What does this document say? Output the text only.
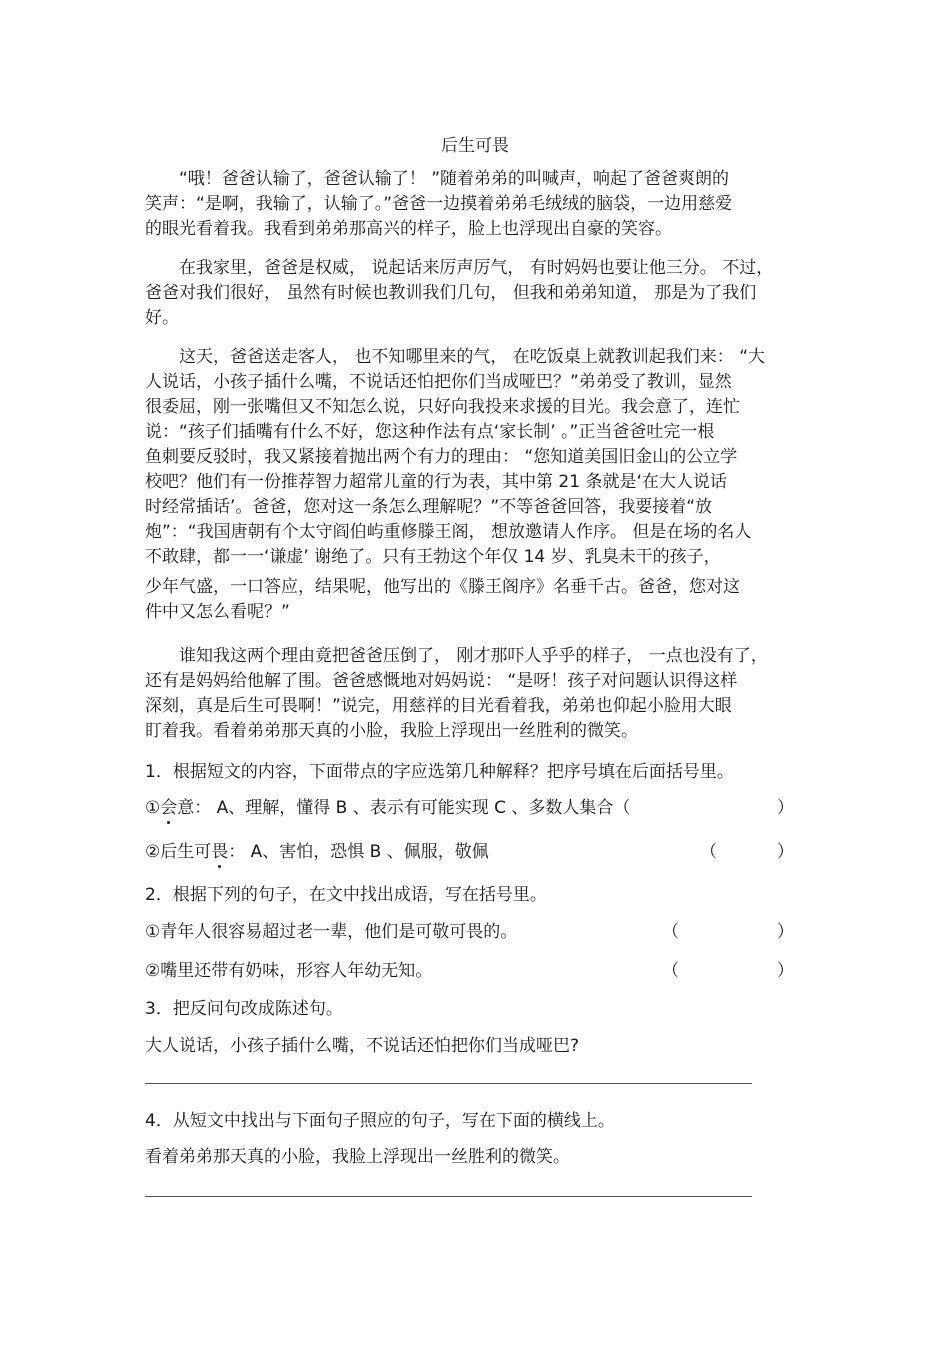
后生可畏
“哦！爸爸认输了，爸爸认输了！ ”随着弟弟的叫喊声，响起了爸爸爽朗的
笑声：“是啊，我输了，认输了。”爸爸一边摸着弟弟毛绒绒的脑袋，一边用慈爱
的眼光看着我。我看到弟弟那高兴的样子，脸上也浮现出自豪的笑容。
在我家里，爸爸是权威， 说起话来厉声厉气， 有时妈妈也要让他三分。 不过，
爸爸对我们很好， 虽然有时候也教训我们几句， 但我和弟弟知道， 那是为了我们
好。
这天，爸爸送走客人， 也不知哪里来的气， 在吃饭桌上就教训起我们来： “大
人说话，小孩子插什么嘴，不说话还怕把你们当成哑巴？”弟弟受了教训，显然
很委屈，刚一张嘴但又不知怎么说，只好向我投来求援的目光。我会意了，连忙
说：“孩子们插嘴有什么不好，您这种作法有点‘家长制’ 。”正当爸爸吐完一根
鱼刺要反驳时，我又紧接着抛出两个有力的理由： “您知道美国旧金山的公立学
校吧？他们有一份推荐智力超常儿童的行为表，其中第 21 条就是‘在大人说话
时经常插话’。爸爸，您对这一条怎么理解呢？”不等爸爸回答，我要接着“放
炮”：“我国唐朝有个太守阎伯屿重修滕王阁， 想放邀请人作序。 但是在场的名人
不敢肆，都一一‘谦虚’ 谢绝了。只有王勃这个年仅 14 岁、乳臭未干的孩子，
少年气盛，一口答应，结果呢，他写出的《滕王阁序》名垂千古。爸爸，您对这
件中又怎么看呢？”
谁知我这两个理由竟把爸爸压倒了， 刚才那吓人乎乎的样子， 一点也没有了，
还有是妈妈给他解了围。爸爸感慨地对妈妈说： “是呀！孩子对问题认识得这样
深刻，真是后生可畏啊！”说完，用慈祥的目光看着我，弟弟也仰起小脸用大眼
盯着我。看着弟弟那天真的小脸，我脸上浮现出一丝胜利的微笑。
1．根据短文的内容，下面带点的字应选第几种解释？把序号填在后面括号里。
①会意： A、理解，懂得 B 、表示有可能实现 C 、多数人集合（	）
②后生可畏： A、害怕，恐惧 B 、佩服，敬佩	（	）
2．根据下列的句子，在文中找出成语，写在括号里。
①青年人很容易超过老一辈，他们是可敬可畏的。	（	）
②嘴里还带有奶味，形容人年幼无知。	（	）
3．把反问句改成陈述句。
大人说话，小孩子插什么嘴，不说话还怕把你们当成哑巴?
4．从短文中找出与下面句子照应的句子，写在下面的横线上。
看着弟弟那天真的小脸，我脸上浮现出一丝胜利的微笑。
